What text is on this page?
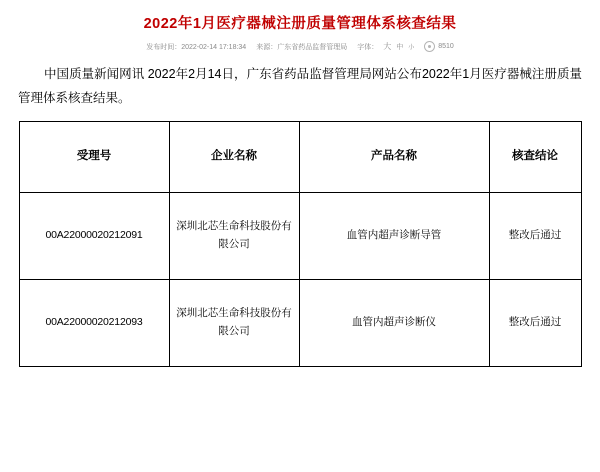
2022年1月医疗器械注册质量管理体系核查结果
发布时间：2022-02-14 17:18:34 来源：广东省药品监督管理局 字体： 大 中 小	8510
中国质量新闻网讯 2022年2月14日，广东省药品监督管理局网站公布2022年1月医疗器械注册质量管理体系核查结果。
受理号	企业名称	产品名称	核查结论
00A22000020212091	深圳北芯生命科技股份有限公司	血管内超声诊断导管	整改后通过
00A22000020212093	深圳北芯生命科技股份有限公司	血管内超声诊断仪	整改后通过
